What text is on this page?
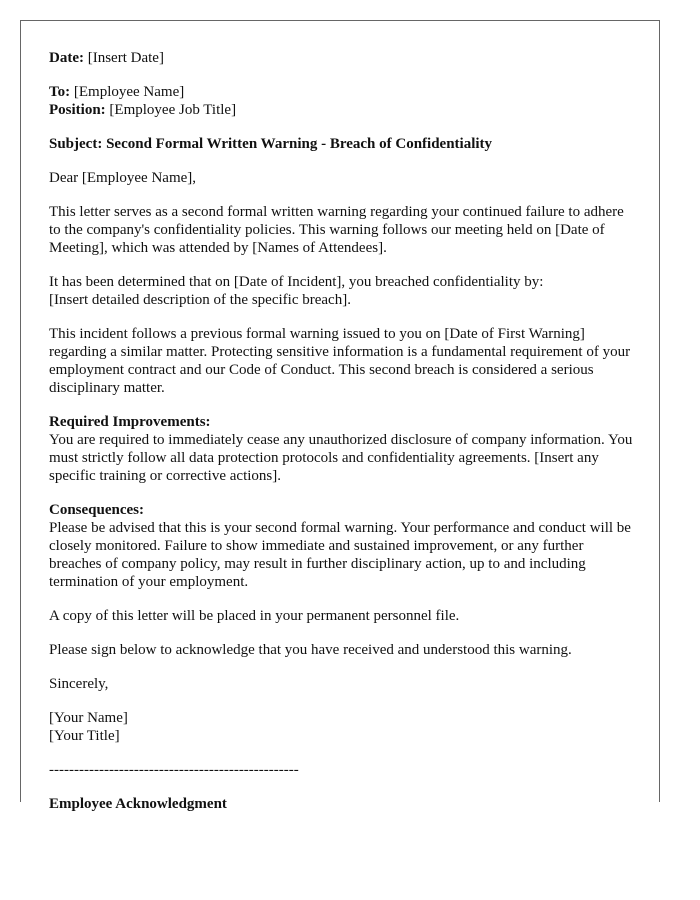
Date: [Insert Date]

To: [Employee Name]

Position: [Employee Job Title]

Subject: Second Formal Written Warning - Breach of Confidentiality

Dear [Employee Name],

This letter serves as a second formal written warning regarding your continued failure to adhere to the company's confidentiality policies. This warning follows our meeting held on [Date of Meeting], which was attended by [Names of Attendees].

It has been determined that on [Date of Incident], you breached confidentiality by:

[Insert detailed description of the specific breach].

This incident follows a previous formal warning issued to you on [Date of First Warning] regarding a similar matter. Protecting sensitive information is a fundamental requirement of your employment contract and our Code of Conduct. This second breach is considered a serious disciplinary matter.

Required Improvements:

You are required to immediately cease any unauthorized disclosure of company information. You must strictly follow all data protection protocols and confidentiality agreements. [Insert any specific training or corrective actions].

Consequences:

Please be advised that this is your second formal warning. Your performance and conduct will be closely monitored. Failure to show immediate and sustained improvement, or any further breaches of company policy, may result in further disciplinary action, up to and including termination of your employment.

A copy of this letter will be placed in your permanent personnel file.

Please sign below to acknowledge that you have received and understood this warning.

Sincerely,

[Your Name]

[Your Title]

--------------------------------------------------

Employee Acknowledgment
